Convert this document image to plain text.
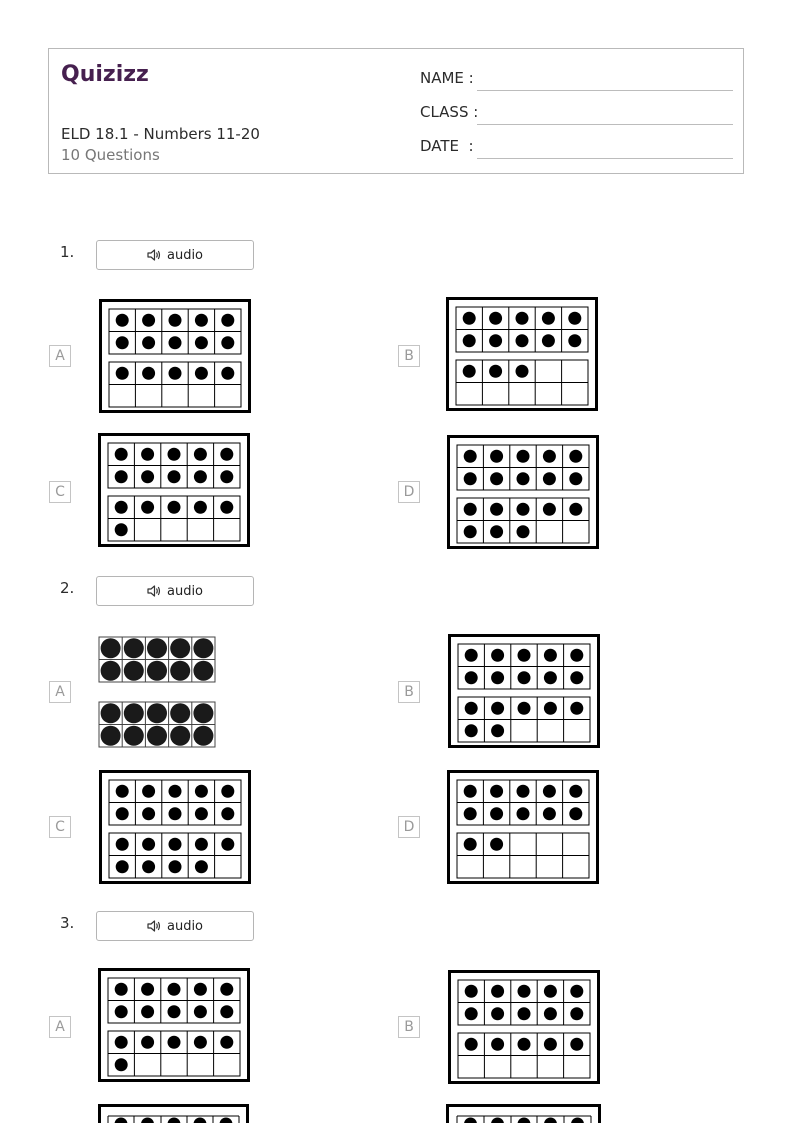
Quizizz
ELD 18.1 - Numbers 11-20
10 Questions
NAME :
CLASS :
DATE  :
1.	audio
A	B
C	D
2.	audio
A	B
C	D
3.	audio
A	B
